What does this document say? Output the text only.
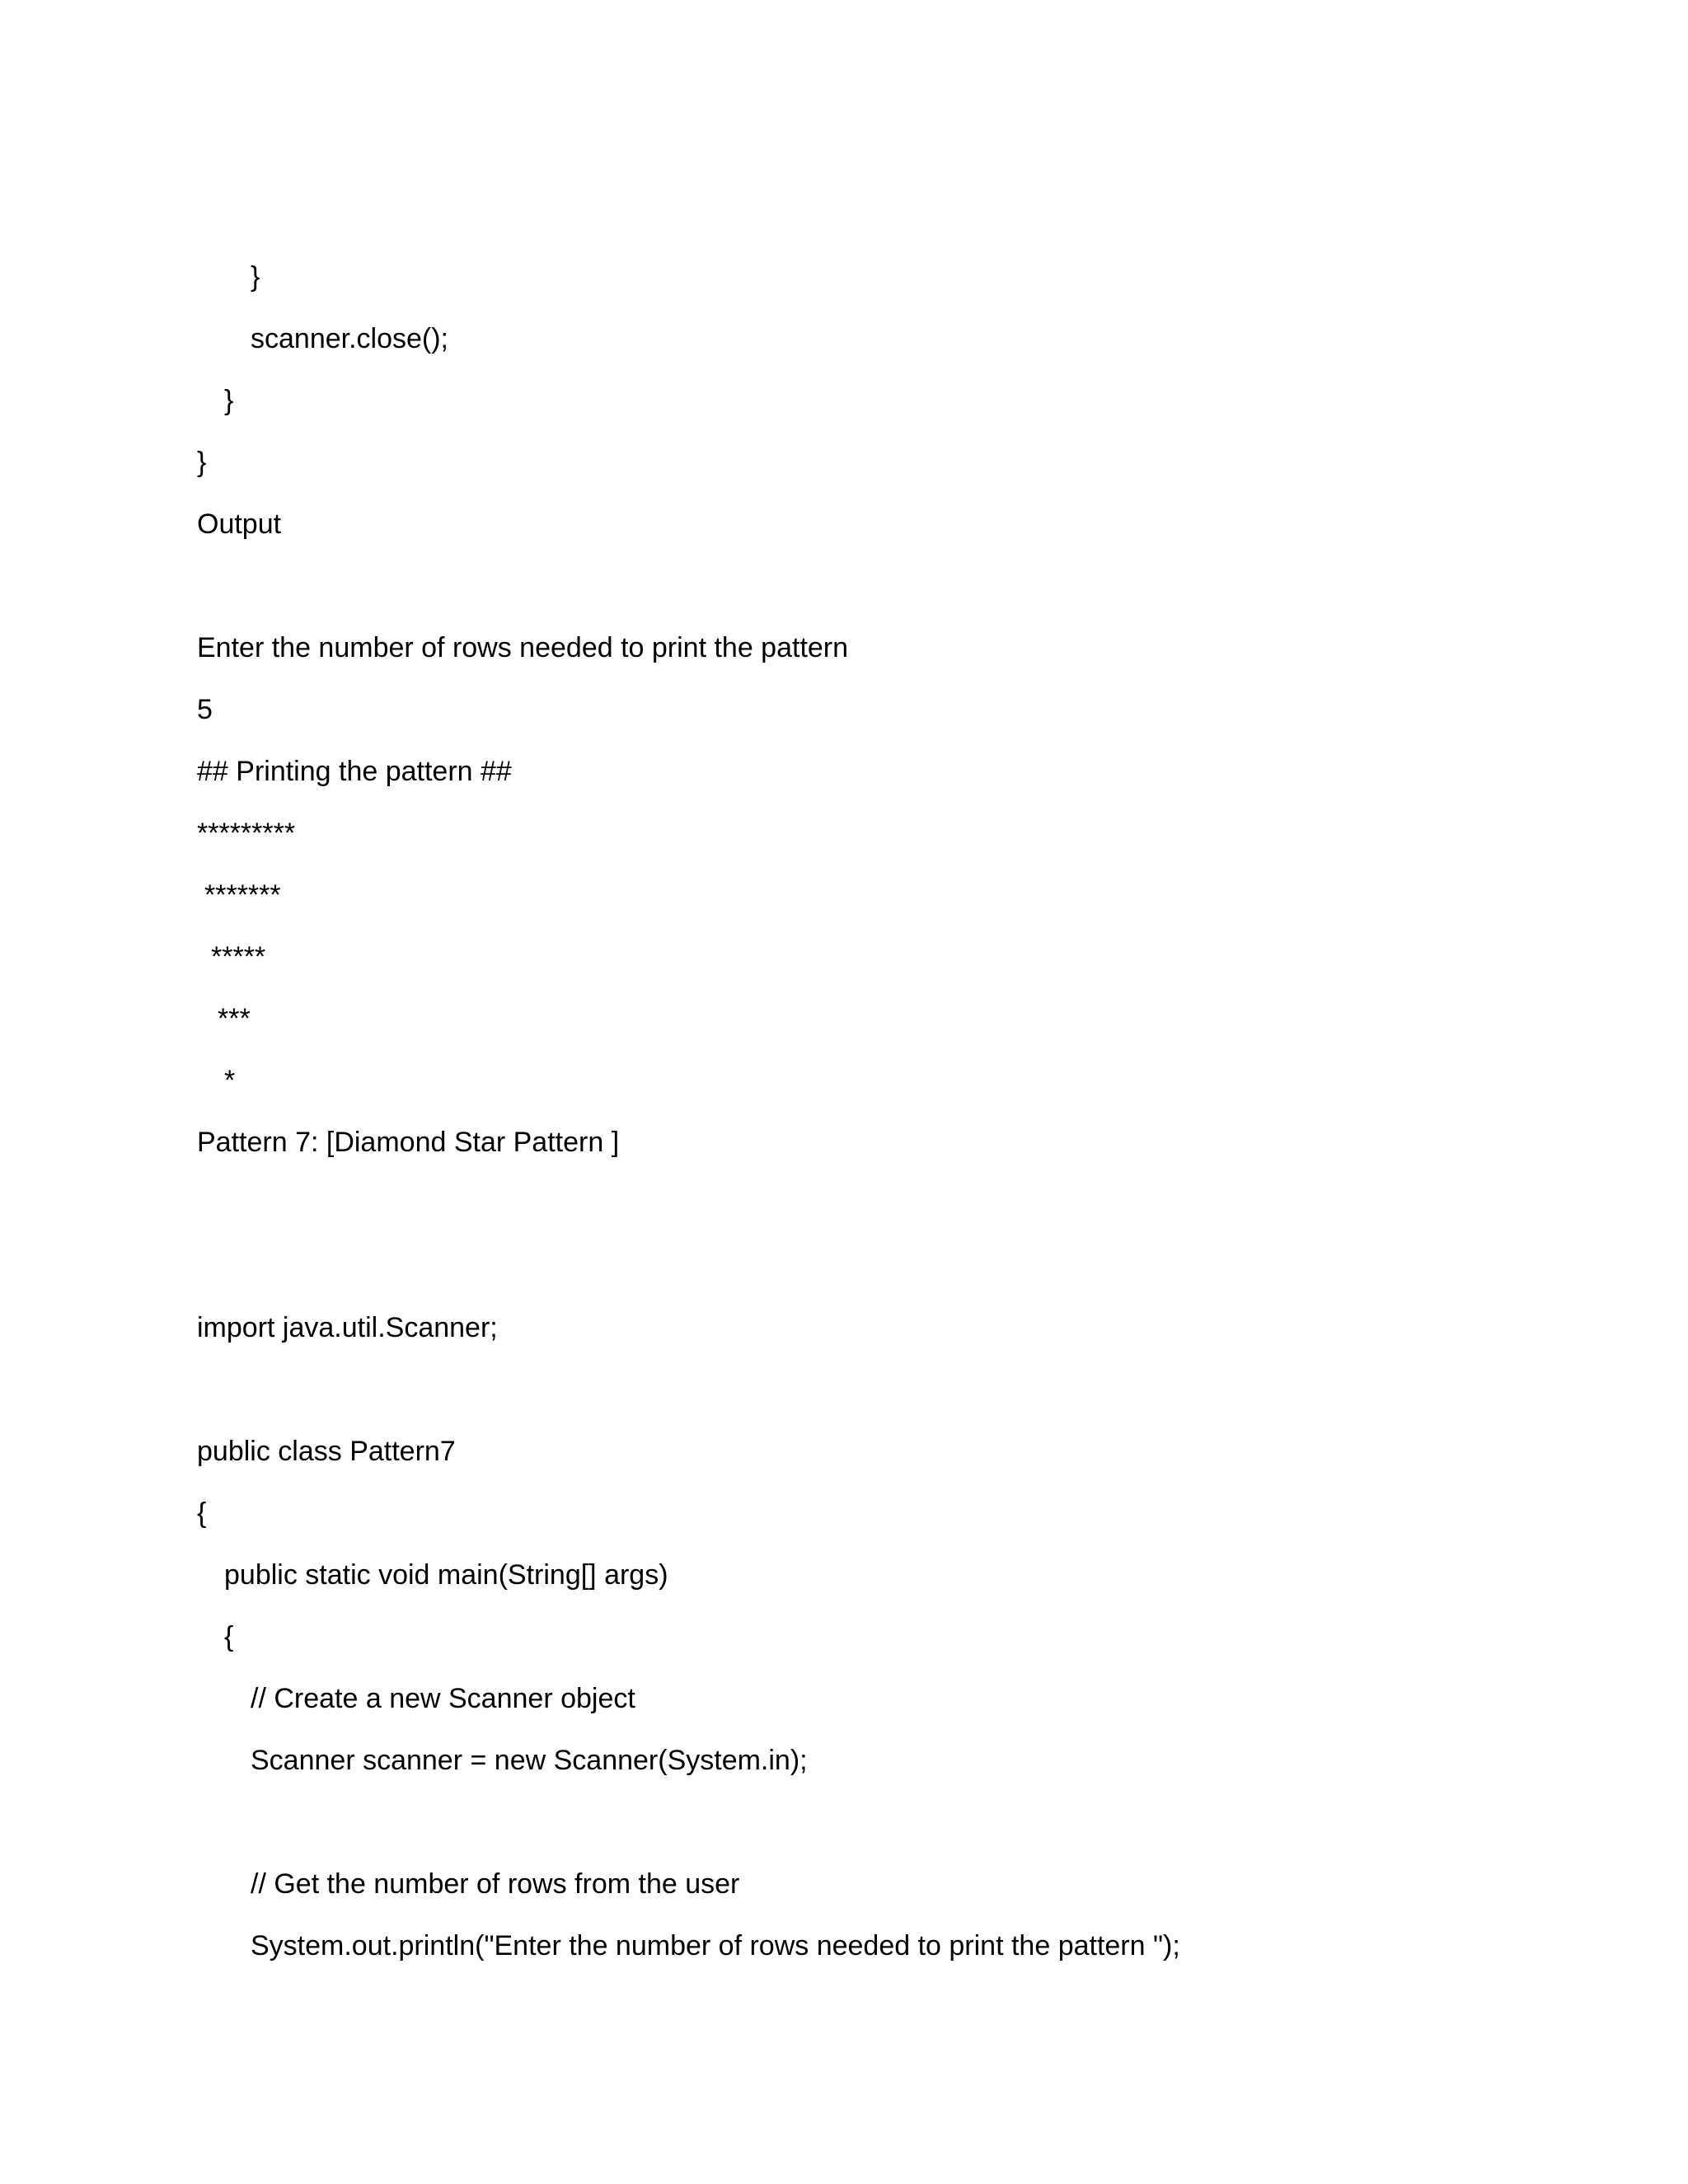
}
scanner.close();
}
}
Output
Enter the number of rows needed to print the pattern
5
## Printing the pattern ##
*********
*******
*****
***
*
Pattern 7: [Diamond Star Pattern ]
import java.util.Scanner;
public class Pattern7
{
public static void main(String[] args)
{
// Create a new Scanner object
Scanner scanner = new Scanner(System.in);
// Get the number of rows from the user
System.out.println("Enter the number of rows needed to print the pattern ");
